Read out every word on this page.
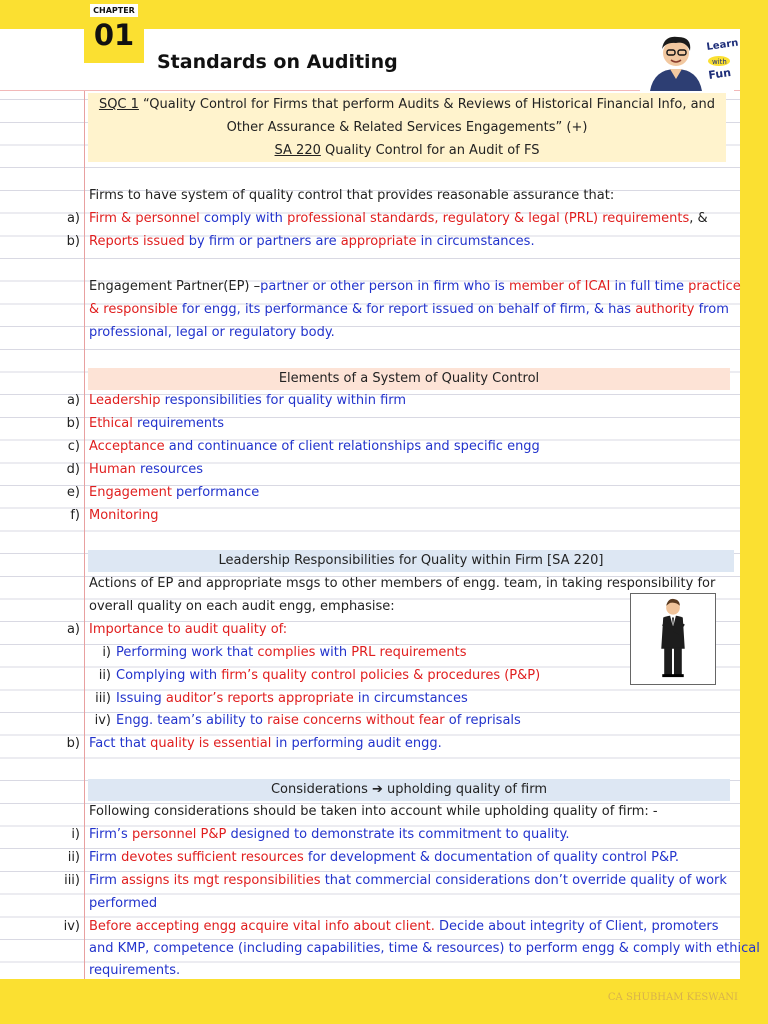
Standards on Auditing
Learn
with
Fun
SQC 1 “Quality Control for Firms that perform Audits & Reviews of Historical Financial Info, and
Other Assurance & Related Services Engagements” (+)
SA 220 Quality Control for an Audit of FS
Firms to have system of quality control that provides reasonable assurance that:
a) Firm & personnel comply with professional standards, regulatory & legal (PRL) requirements, &
b) Reports issued by firm or partners are appropriate in circumstances.
Engagement Partner(EP) –partner or other person in firm who is member of ICAI in full time practice
& responsible for engg, its performance & for report issued on behalf of firm, & has authority from
professional, legal or regulatory body.
Elements of a System of Quality Control
a) Leadership responsibilities for quality within firm
b) Ethical requirements
c) Acceptance and continuance of client relationships and specific engg
d) Human resources
e) Engagement performance
f) Monitoring
Leadership Responsibilities for Quality within Firm [SA 220]
Actions of EP and appropriate msgs to other members of engg. team, in taking responsibility for
overall quality on each audit engg, emphasise:
a) Importance to audit quality of:
i) Performing work that complies with PRL requirements
ii) Complying with firm’s quality control policies & procedures (P&P)
iii) Issuing auditor’s reports appropriate in circumstances
iv) Engg. team’s ability to raise concerns without fear of reprisals
b) Fact that quality is essential in performing audit engg.
Considerations ➔ upholding quality of firm
Following considerations should be taken into account while upholding quality of firm: -
i) Firm’s personnel P&P designed to demonstrate its commitment to quality.
ii) Firm devotes sufficient resources for development & documentation of quality control P&P.
iii) Firm assigns its mgt responsibilities that commercial considerations don’t override quality of work
performed
iv) Before accepting engg acquire vital info about client. Decide about integrity of Client, promoters
and KMP, competence (including capabilities, time & resources) to perform engg & comply with ethical
requirements.
CHAPTER
01
CA SHUBHAM KESWANI
